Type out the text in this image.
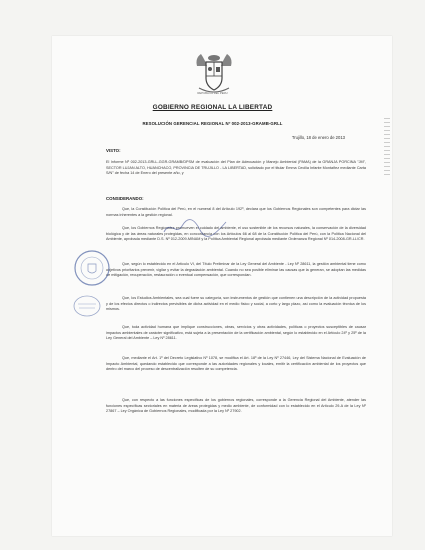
REPUBLICA DEL PERU
GOBIERNO REGIONAL LA LIBERTAD
RESOLUCIÓN GERENCIAL REGIONAL Nº 002-2013-GRAMB-GRLL
Trujillo, 18 de enero de 2013
VISTO:

El Informe Nº 002-2013-GRLL-GGR-GRAMB/DPSM de evaluación del Plan de Adecuación y Manejo Ambiental (PAMA) de la GRANJA PORCINA "JM", SECTOR LUJAN ALTO, HUANCHACO, PROVINCIA DE TRUJILLO - LA LIBERTAD, solicitado por el titular Emma Cecilia Infante Montañez mediante Carta S/N° de fecha 14 de Enero del presente año, y

CONSIDERANDO:

Que, la Constitución Política del Perú, en el numeral 8 del Artículo 192º, declara que los Gobiernos Regionales son competentes para dictar las normas inherentes a la gestión regional.

Que, los Gobiernos Regionales promueven el cuidado del ambiente, el uso sostenible de los recursos naturales, la conservación de la diversidad biológica y de las áreas naturales protegidas, en concordancia con los Artículos 66 al 68 de la Constitución Política del Perú, con la Política Nacional del Ambiente, aprobada mediante D.S. Nº 012-2009-MINAM y la Política Ambiental Regional aprobada mediante Ordenanza Regional Nº 014-2008-GR-LL/CR.

Que, según lo establecido en el Artículo VI, del Título Preliminar de la Ley General del Ambiente - Ley Nº 28611, la gestión ambiental tiene como objetivos prioritarios prevenir, vigilar y evitar la degradación ambiental. Cuando no sea posible eliminar las causas que la generan, se adoptan las medidas de mitigación, recuperación, restauración o eventual compensación, que correspondan.

Que, los Estudios Ambientales, sea cual fuere su categoría, son instrumentos de gestión que contienen una descripción de la actividad propuesta y de los efectos directos o indirectos previsibles de dicha actividad en el medio físico y social, a corto y largo plazo, así como la evaluación técnica de los mismos.

Que, toda actividad humana que implique construcciones, obras, servicios y otras actividades, políticas o proyectos susceptibles de causar impactos ambientales de carácter significativo, está sujeta a la presentación de la certificación ambiental, según lo establecido en el Artículo 24º y 25º de la Ley General del Ambiente – Ley Nº 28611.

Que, mediante el Art. 1º del Decreto Legislativo Nº 1078, se modifica el Art. 18º de la Ley Nº 27446, Ley del Sistema Nacional de Evaluación de Impacto Ambiental, quedando establecido que corresponde a las autoridades regionales y locales, emitir la certificación ambiental de los proyectos que dentro del marco del proceso de descentralización resulten de su competencia.

Que, con respecto a las funciones específicas de los gobiernos regionales, corresponde a la Gerencia Regional del Ambiente, atender las funciones específicas sectoriales en materia de áreas protegidas y medio ambiente, de conformidad con lo establecido en el Artículo 29-A de la Ley Nº 27867 – Ley Orgánica de Gobiernos Regionales, modificada por la Ley Nº 27902.
